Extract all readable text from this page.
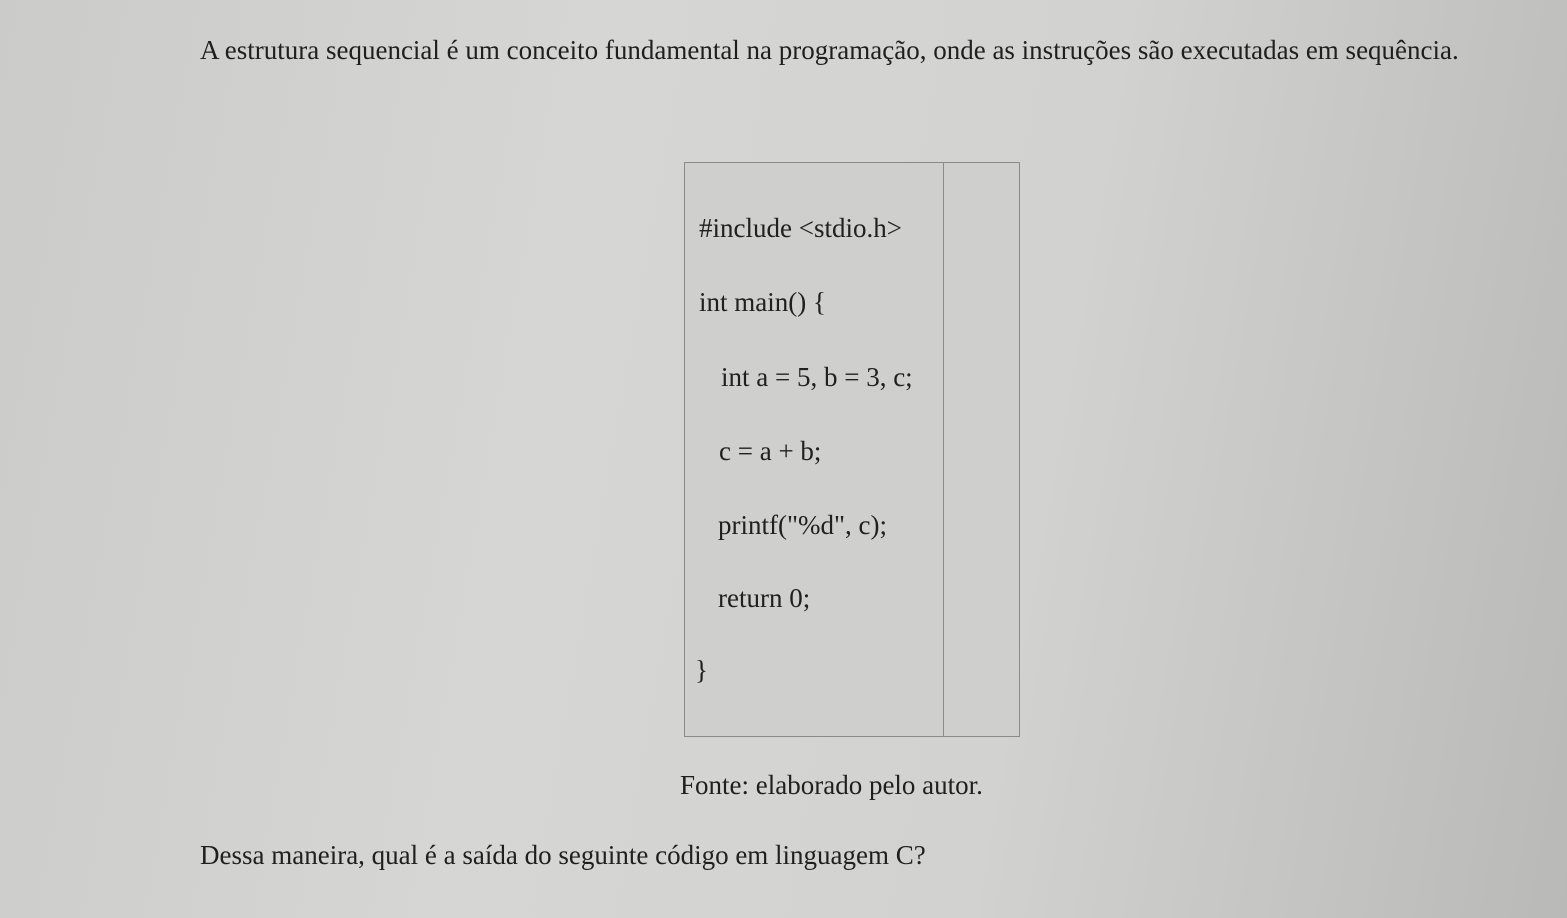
A estrutura sequencial é um conceito fundamental na programação, onde as instruções são executadas em sequência.

#include <stdio.h>
int main() {
int a = 5, b = 3, c;
c = a + b;
printf("%d", c);
return 0;
}
Fonte: elaborado pelo autor.
Dessa maneira, qual é a saída do seguinte código em linguagem C?
